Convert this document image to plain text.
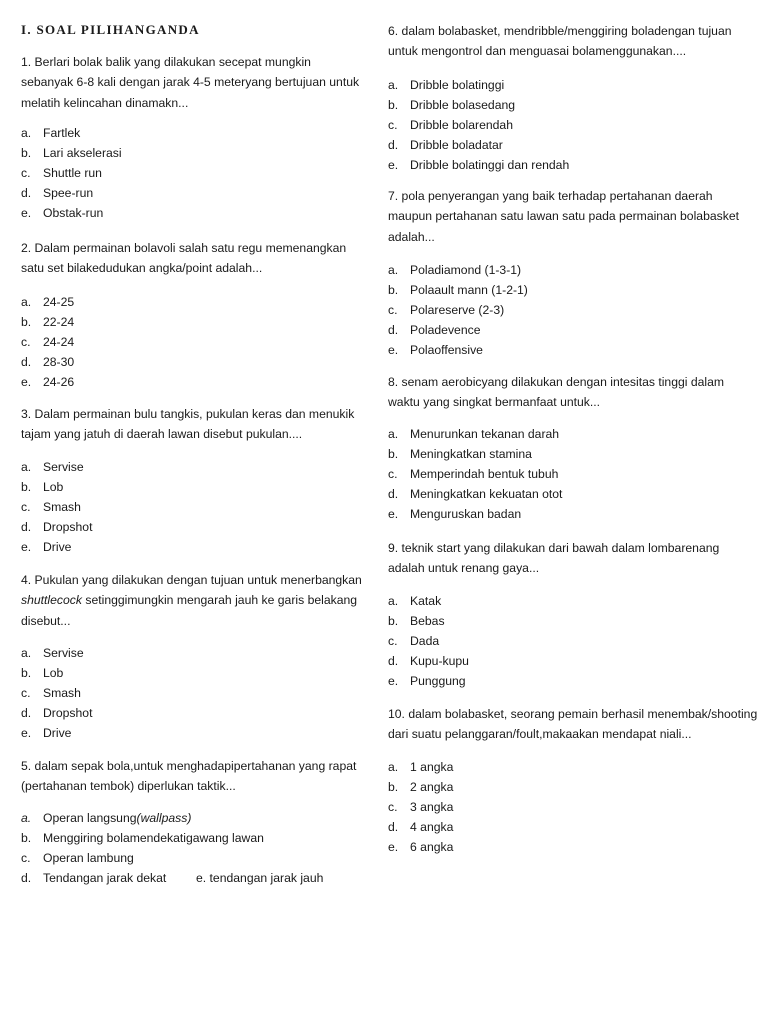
I. SOAL PILIHANGANDA

1. Berlari bolak balik yang dilakukan secepat mungkin sebanyak 6-8 kali dengan jarak 4-5 meteryang bertujuan untuk melatih kelincahan dinamakn...

a. Fartlek
b. Lari akselerasi
c. Shuttle run
d. Spee-run
e. Obstak-run

2. Dalam permainan bolavoli salah satu regu memenangkan satu set bilakedudukan angka/point adalah...

a. 24-25
b. 22-24
c. 24-24
d. 28-30
e. 24-26

3. Dalam permainan bulu tangkis, pukulan keras dan menukik tajam yang jatuh di daerah lawan disebut pukulan....

a. Servise
b. Lob
c. Smash
d. Dropshot
e. Drive

4. Pukulan yang dilakukan dengan tujuan untuk menerbangkan shuttlecock setinggimungkin mengarah jauh ke garis belakang disebut...

a. Servise
b. Lob
c. Smash
d. Dropshot
e. Drive

5. dalam sepak bola,untuk menghadapipertahanan yang rapat (pertahanan tembok) diperlukan taktik...

a. Operan langsung(wallpass)
b. Menggiring bolamendekatigawang lawan
c. Operan lambung
d. Tendangan jarak dekat e. tendangan jarak jauh

6. dalam bolabasket, mendribble/menggiring boladengan tujuan untuk mengontrol dan menguasai bolamenggunakan....

a. Dribble bolatinggi
b. Dribble bolasedang
c. Dribble bolarendah
d. Dribble boladatar
e. Dribble bolatinggi dan rendah

7. pola penyerangan yang baik terhadap pertahanan daerah maupun pertahanan satu lawan satu pada permainan bolabasket adalah...

a. Poladiamond (1-3-1)
b. Polaault mann (1-2-1)
c. Polareserve (2-3)
d. Poladevence
e. Polaoffensive

8. senam aerobicyang dilakukan dengan intesitas tinggi dalam waktu yang singkat bermanfaat untuk...

a. Menurunkan tekanan darah
b. Meningkatkan stamina
c. Memperindah bentuk tubuh
d. Meningkatkan kekuatan otot
e. Menguruskan badan

9. teknik start yang dilakukan dari bawah dalam lombarenang adalah untuk renang gaya...

a. Katak
b. Bebas
c. Dada
d. Kupu-kupu
e. Punggung

10. dalam bolabasket, seorang pemain berhasil menembak/shooting dari suatu pelanggaran/foult,makaakan mendapat niali...

a. 1 angka
b. 2 angka
c. 3 angka
d. 4 angka
e. 6 angka
